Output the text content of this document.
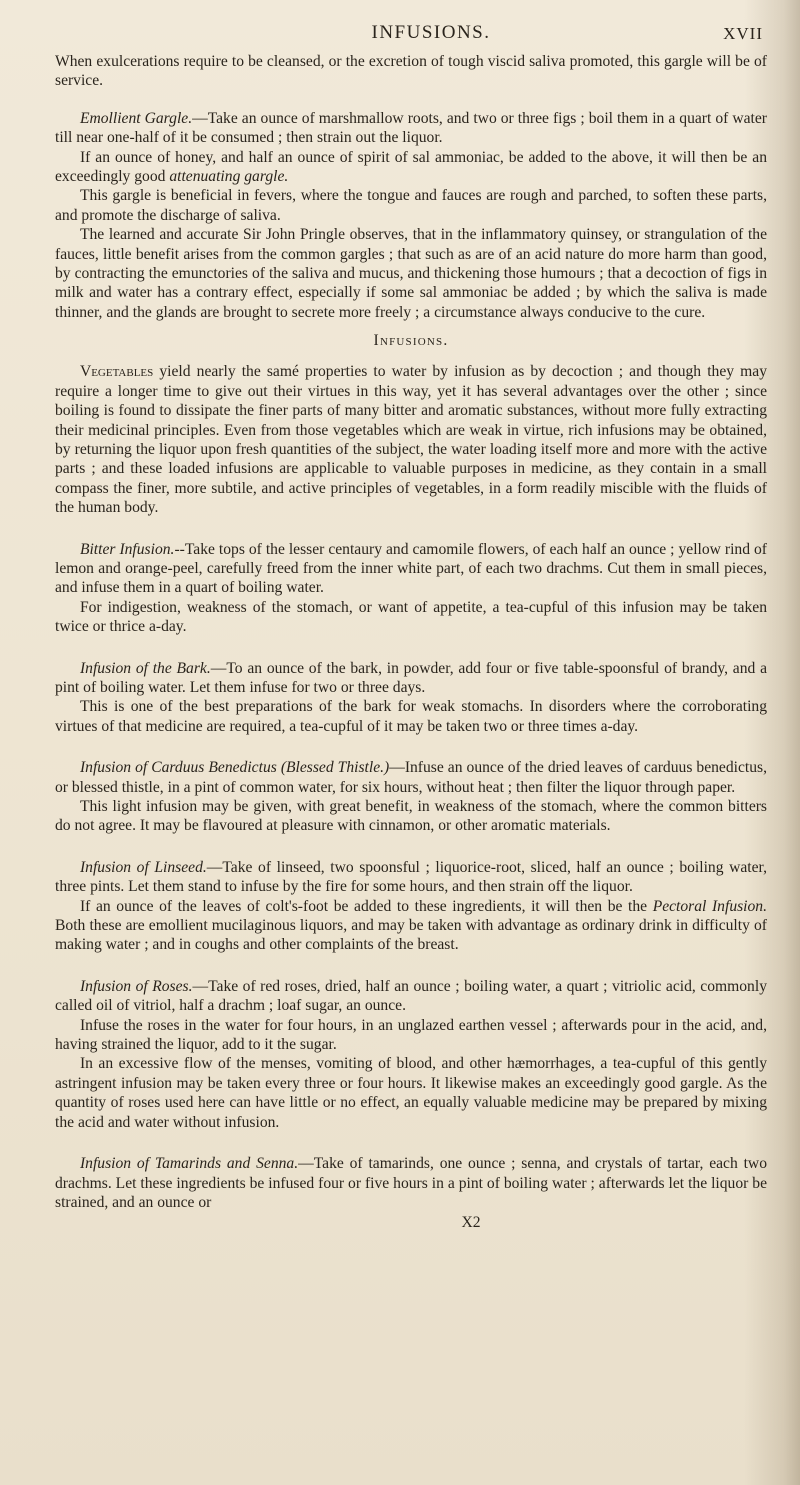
INFUSIONS.	XVII

When exulcerations require to be cleansed, or the excretion of tough viscid saliva promoted, this gargle will be of service.

Emollient Gargle.—Take an ounce of marshmallow roots, and two or three figs ; boil them in a quart of water till near one-half of it be consumed ; then strain out the liquor.

If an ounce of honey, and half an ounce of spirit of sal ammoniac, be added to the above, it will then be an exceedingly good attenuating gargle.

This gargle is beneficial in fevers, where the tongue and fauces are rough and parched, to soften these parts, and promote the discharge of saliva.

The learned and accurate Sir John Pringle observes, that in the inflammatory quinsey, or strangulation of the fauces, little benefit arises from the common gargles ; that such as are of an acid nature do more harm than good, by contracting the emunctories of the saliva and mucus, and thickening those humours ; that a decoction of figs in milk and water has a contrary effect, especially if some sal ammoniac be added ; by which the saliva is made thinner, and the glands are brought to secrete more freely ; a circumstance always conducive to the cure.

Infusions.

Vegetables yield nearly the samé properties to water by infusion as by decoction ; and though they may require a longer time to give out their virtues in this way, yet it has several advantages over the other ; since boiling is found to dissipate the finer parts of many bitter and aromatic substances, without more fully extracting their medicinal principles. Even from those vegetables which are weak in virtue, rich infusions may be obtained, by returning the liquor upon fresh quantities of the subject, the water loading itself more and more with the active parts ; and these loaded infusions are applicable to valuable purposes in medicine, as they contain in a small compass the finer, more subtile, and active principles of vegetables, in a form readily miscible with the fluids of the human body.

Bitter Infusion.--Take tops of the lesser centaury and camomile flowers, of each half an ounce ; yellow rind of lemon and orange-peel, carefully freed from the inner white part, of each two drachms. Cut them in small pieces, and infuse them in a quart of boiling water.

For indigestion, weakness of the stomach, or want of appetite, a tea-cupful of this infusion may be taken twice or thrice a-day.

Infusion of the Bark.—To an ounce of the bark, in powder, add four or five table-spoonsful of brandy, and a pint of boiling water. Let them infuse for two or three days.

This is one of the best preparations of the bark for weak stomachs. In disorders where the corroborating virtues of that medicine are required, a tea-cupful of it may be taken two or three times a-day.

Infusion of Carduus Benedictus (Blessed Thistle.)—Infuse an ounce of the dried leaves of carduus benedictus, or blessed thistle, in a pint of common water, for six hours, without heat ; then filter the liquor through paper.

This light infusion may be given, with great benefit, in weakness of the stomach, where the common bitters do not agree. It may be flavoured at pleasure with cinnamon, or other aromatic materials.

Infusion of Linseed.—Take of linseed, two spoonsful ; liquorice-root, sliced, half an ounce ; boiling water, three pints. Let them stand to infuse by the fire for some hours, and then strain off the liquor.

If an ounce of the leaves of colt's-foot be added to these ingredients, it will then be the Pectoral Infusion. Both these are emollient mucilaginous liquors, and may be taken with advantage as ordinary drink in difficulty of making water ; and in coughs and other complaints of the breast.

Infusion of Roses.—Take of red roses, dried, half an ounce ; boiling water, a quart ; vitriolic acid, commonly called oil of vitriol, half a drachm ; loaf sugar, an ounce.

Infuse the roses in the water for four hours, in an unglazed earthen vessel ; afterwards pour in the acid, and, having strained the liquor, add to it the sugar.

In an excessive flow of the menses, vomiting of blood, and other hæmorrhages, a tea-cupful of this gently astringent infusion may be taken every three or four hours. It likewise makes an exceedingly good gargle. As the quantity of roses used here can have little or no effect, an equally valuable medicine may be prepared by mixing the acid and water without infusion.

Infusion of Tamarinds and Senna.—Take of tamarinds, one ounce ; senna, and crystals of tartar, each two drachms. Let these ingredients be infused four or five hours in a pint of boiling water ; afterwards let the liquor be strained, and an ounce or

X2
